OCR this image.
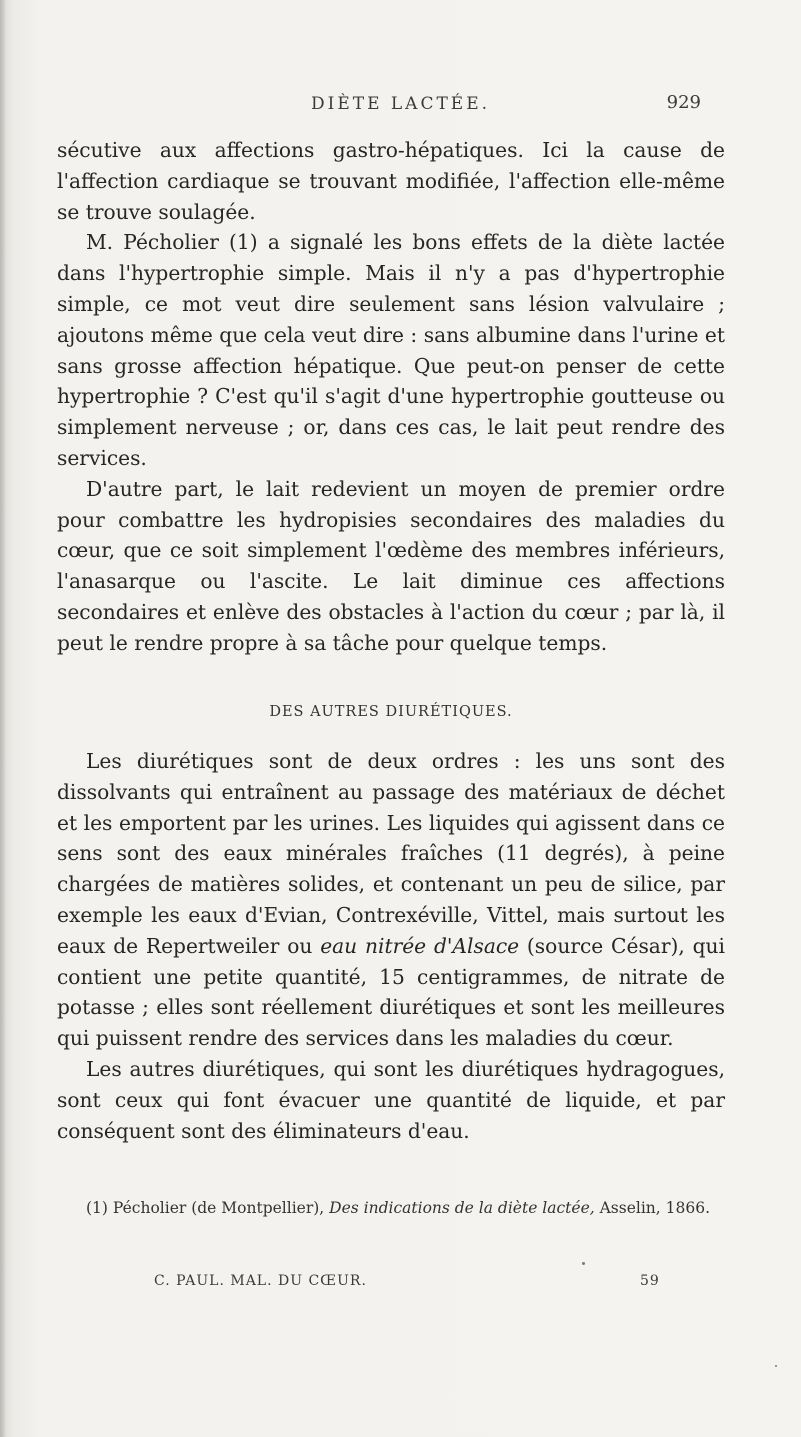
DIÈTE LACTÉE.	929

sécutive aux affections gastro-hépatiques. Ici la cause de l'affection cardiaque se trouvant modifiée, l'affection elle-même se trouve soulagée.

M. Pécholier (1) a signalé les bons effets de la diète lactée dans l'hypertrophie simple. Mais il n'y a pas d'hypertrophie simple, ce mot veut dire seulement sans lésion valvulaire ; ajoutons même que cela veut dire : sans albumine dans l'urine et sans grosse affection hépatique. Que peut-on penser de cette hypertrophie ? C'est qu'il s'agit d'une hypertrophie goutteuse ou simplement nerveuse ; or, dans ces cas, le lait peut rendre des services.

D'autre part, le lait redevient un moyen de premier ordre pour combattre les hydropisies secondaires des maladies du cœur, que ce soit simplement l'œdème des membres inférieurs, l'anasarque ou l'ascite. Le lait diminue ces affections secondaires et enlève des obstacles à l'action du cœur ; par là, il peut le rendre propre à sa tâche pour quelque temps.

DES AUTRES DIURÉTIQUES.

Les diurétiques sont de deux ordres : les uns sont des dissolvants qui entraînent au passage des matériaux de déchet et les emportent par les urines. Les liquides qui agissent dans ce sens sont des eaux minérales fraîches (11 degrés), à peine chargées de matières solides, et contenant un peu de silice, par exemple les eaux d'Evian, Contrexéville, Vittel, mais surtout les eaux de Repertweiler ou eau nitrée d'Alsace (source César), qui contient une petite quantité, 15 centigrammes, de nitrate de potasse ; elles sont réellement diurétiques et sont les meilleures qui puissent rendre des services dans les maladies du cœur.

Les autres diurétiques, qui sont les diurétiques hydragogues, sont ceux qui font évacuer une quantité de liquide, et par conséquent sont des éliminateurs d'eau.

(1) Pécholier (de Montpellier), Des indications de la diète lactée, Asselin, 1866.
C. PAUL. MAL. DU CŒUR.	59
